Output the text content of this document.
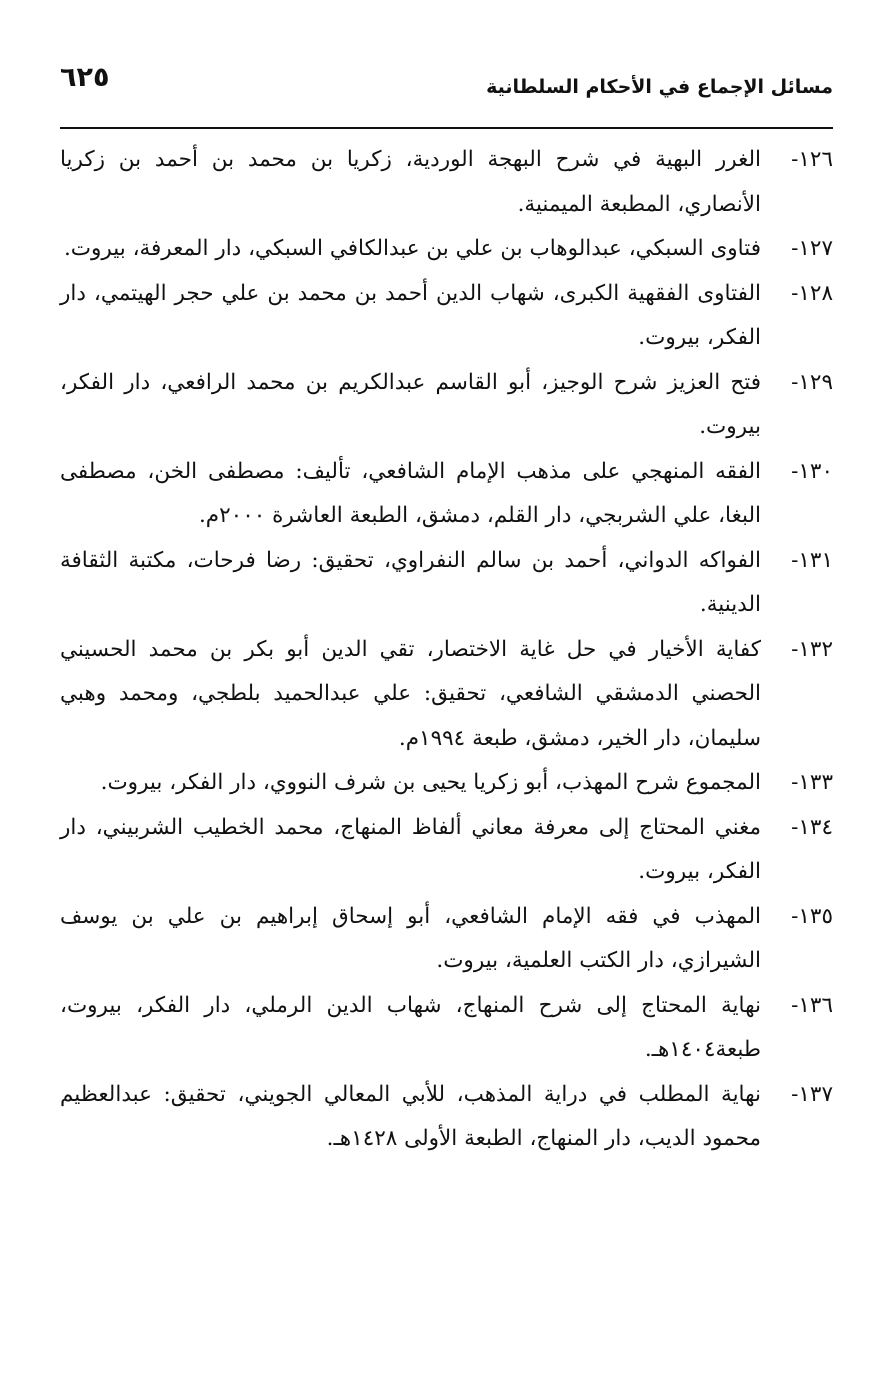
مسائل الإجماع في الأحكام السلطانية
٦٢٥
١٢٦-
الغرر البهية في شرح البهجة الوردية، زكريا بن محمد بن أحمد بن زكريا الأنصاري، المطبعة الميمنية.
١٢٧-
فتاوى السبكي، عبدالوهاب بن علي بن عبدالكافي السبكي، دار المعرفة، بيروت.
١٢٨-
الفتاوى الفقهية الكبرى، شهاب الدين أحمد بن محمد بن علي حجر الهيتمي، دار الفكر، بيروت.
١٢٩-
فتح العزيز شرح الوجيز، أبو القاسم عبدالكريم بن محمد الرافعي، دار الفكر، بيروت.
١٣٠-
الفقه المنهجي على مذهب الإمام الشافعي، تأليف: مصطفى الخن، مصطفى البغا، علي الشربجي، دار القلم، دمشق، الطبعة العاشرة ٢٠٠٠م.
١٣١-
الفواكه الدواني، أحمد بن سالم النفراوي، تحقيق: رضا فرحات، مكتبة الثقافة الدينية.
١٣٢-
كفاية الأخيار في حل غاية الاختصار، تقي الدين أبو بكر بن محمد الحسيني الحصني الدمشقي الشافعي، تحقيق: علي عبدالحميد بلطجي، ومحمد وهبي سليمان، دار الخير، دمشق، طبعة ١٩٩٤م.
١٣٣-
المجموع شرح المهذب، أبو زكريا يحيى بن شرف النووي، دار الفكر، بيروت.
١٣٤-
مغني المحتاج إلى معرفة معاني ألفاظ المنهاج، محمد الخطيب الشربيني، دار الفكر، بيروت.
١٣٥-
المهذب في فقه الإمام الشافعي، أبو إسحاق إبراهيم بن علي بن يوسف الشيرازي، دار الكتب العلمية، بيروت.
١٣٦-
نهاية المحتاج إلى شرح المنهاج، شهاب الدين الرملي، دار الفكر، بيروت، طبعة١٤٠٤هـ.
١٣٧-
نهاية المطلب في دراية المذهب، للأبي المعالي الجويني، تحقيق: عبدالعظيم محمود الديب، دار المنهاج، الطبعة الأولى ١٤٢٨هـ.
